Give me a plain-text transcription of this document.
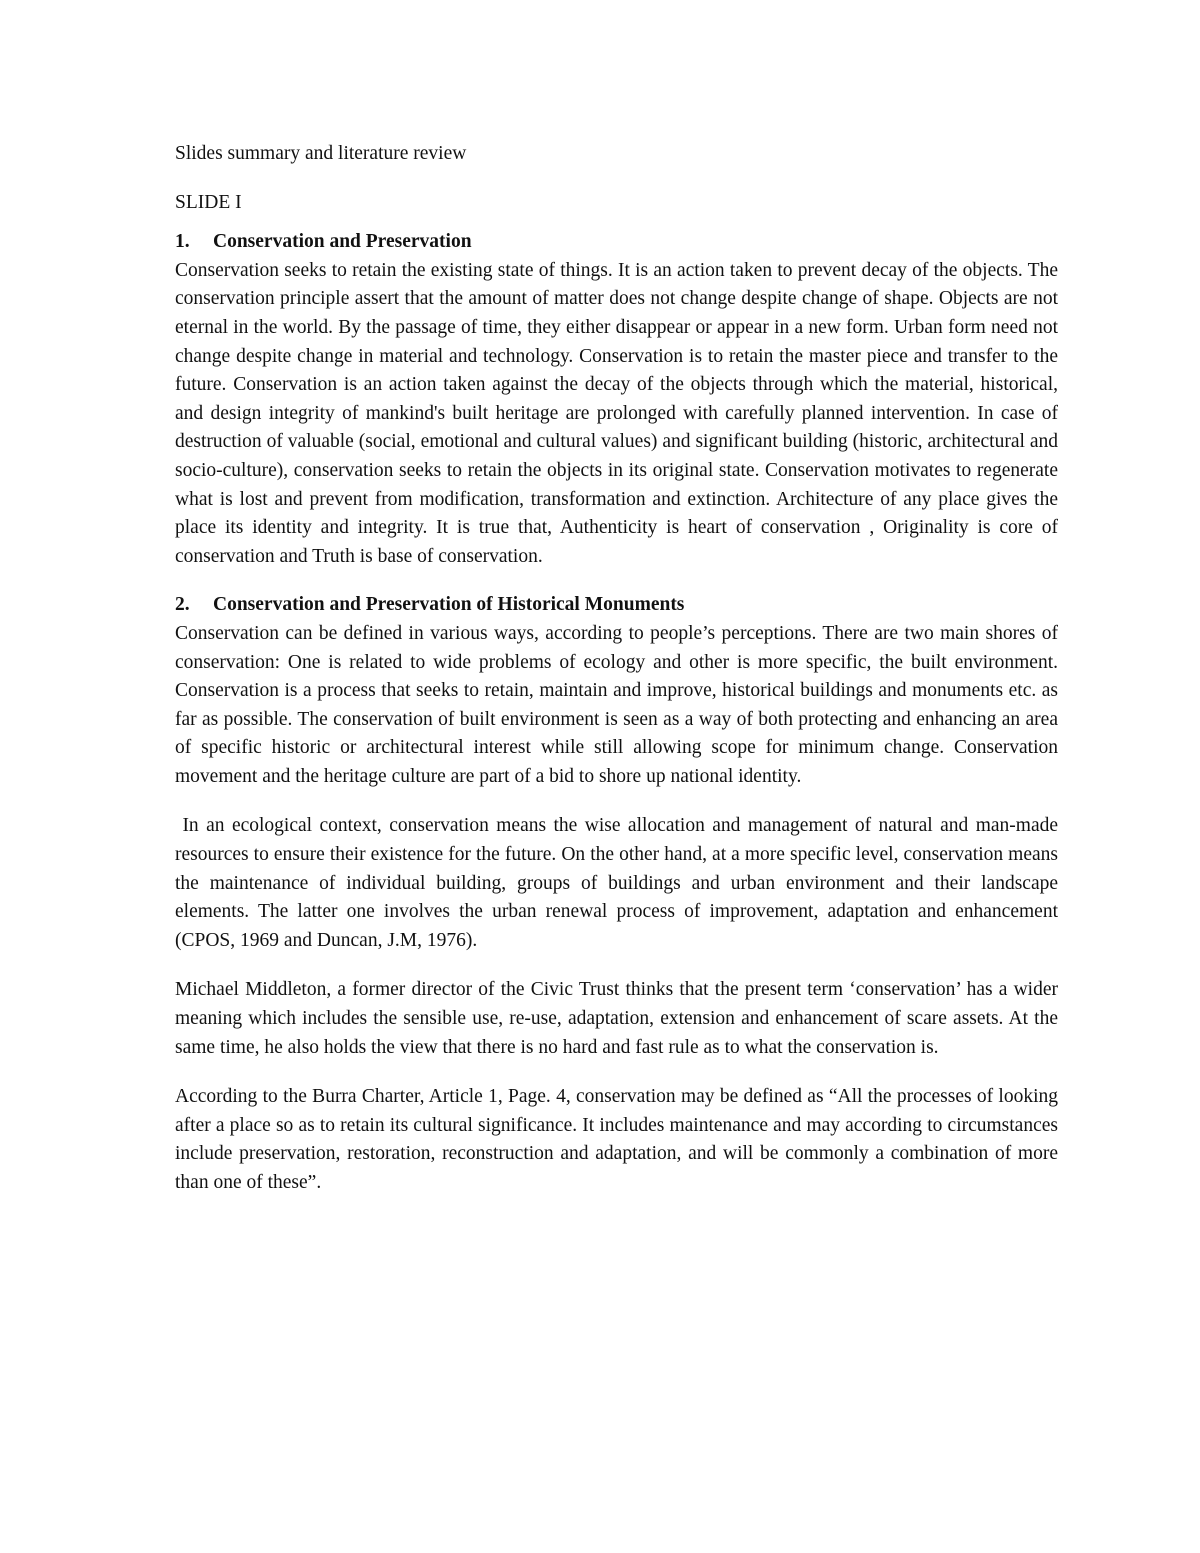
Slides summary and literature review

SLIDE I

1. Conservation and Preservation

Conservation seeks to retain the existing state of things. It is an action taken to prevent decay of the objects. The conservation principle assert that the amount of matter does not change despite change of shape. Objects are not eternal in the world. By the passage of time, they either disappear or appear in a new form. Urban form need not change despite change in material and technology. Conservation is to retain the master piece and transfer to the future. Conservation is an action taken against the decay of the objects through which the material, historical, and design integrity of mankind's built heritage are prolonged with carefully planned intervention. In case of destruction of valuable (social, emotional and cultural values) and significant building (historic, architectural and socio-culture), conservation seeks to retain the objects in its original state. Conservation motivates to regenerate what is lost and prevent from modification, transformation and extinction. Architecture of any place gives the place its identity and integrity. It is true that, Authenticity is heart of conservation , Originality is core of conservation and Truth is base of conservation.

2. Conservation and Preservation of Historical Monuments

Conservation can be defined in various ways, according to people’s perceptions. There are two main shores of conservation: One is related to wide problems of ecology and other is more specific, the built environment. Conservation is a process that seeks to retain, maintain and improve, historical buildings and monuments etc. as far as possible. The conservation of built environment is seen as a way of both protecting and enhancing an area of specific historic or architectural interest while still allowing scope for minimum change. Conservation movement and the heritage culture are part of a bid to shore up national identity.

In an ecological context, conservation means the wise allocation and management of natural and man-made resources to ensure their existence for the future. On the other hand, at a more specific level, conservation means the maintenance of individual building, groups of buildings and urban environment and their landscape elements. The latter one involves the urban renewal process of improvement, adaptation and enhancement (CPOS, 1969 and Duncan, J.M, 1976).

Michael Middleton, a former director of the Civic Trust thinks that the present term ‘conservation’ has a wider meaning which includes the sensible use, re-use, adaptation, extension and enhancement of scare assets. At the same time, he also holds the view that there is no hard and fast rule as to what the conservation is.

According to the Burra Charter, Article 1, Page. 4, conservation may be defined as “All the processes of looking after a place so as to retain its cultural significance. It includes maintenance and may according to circumstances include preservation, restoration, reconstruction and adaptation, and will be commonly a combination of more than one of these”.
